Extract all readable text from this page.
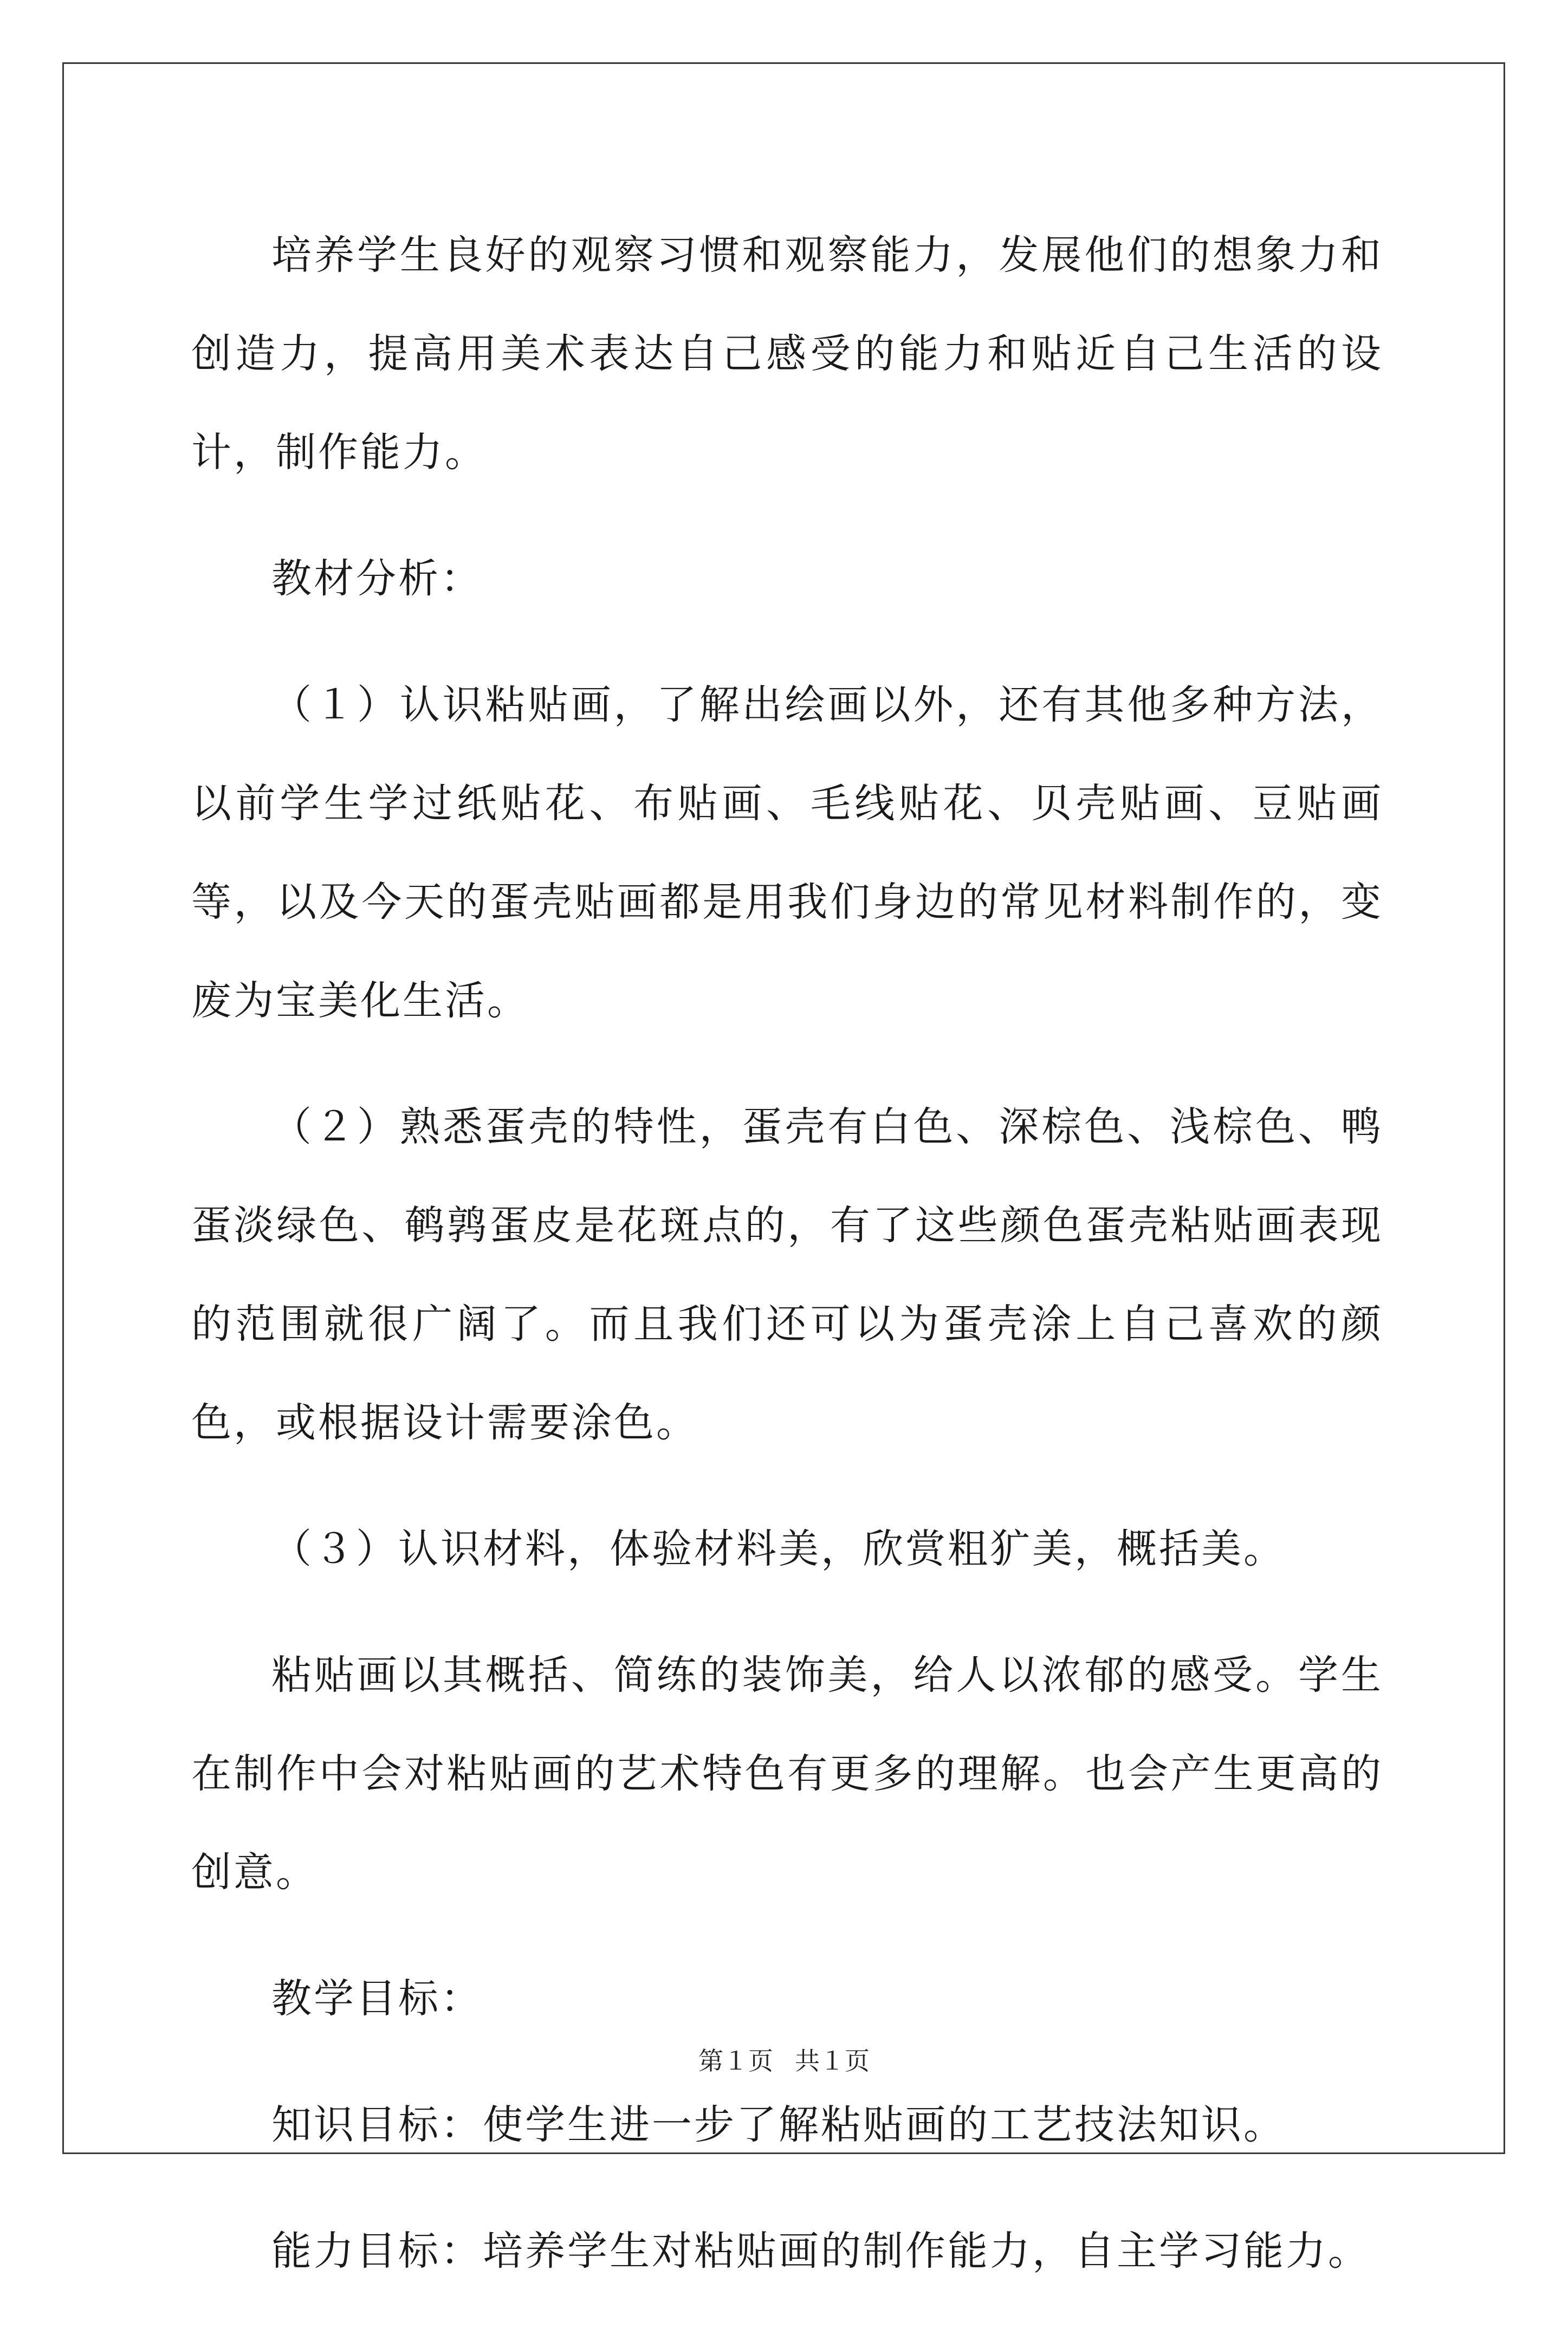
培养学生良好的观察习惯和观察能力，发展他们的想象力和创造力，提高用美术表达自己感受的能力和贴近自己生活的设计，制作能力。

教材分析：

（１）认识粘贴画，了解出绘画以外，还有其他多种方法，以前学生学过纸贴花、布贴画、毛线贴花、贝壳贴画、豆贴画等，以及今天的蛋壳贴画都是用我们身边的常见材料制作的，变废为宝美化生活。

（２）熟悉蛋壳的特性，蛋壳有白色、深棕色、浅棕色、鸭蛋淡绿色、鹌鹑蛋皮是花斑点的，有了这些颜色蛋壳粘贴画表现的范围就很广阔了。而且我们还可以为蛋壳涂上自己喜欢的颜色，或根据设计需要涂色。

（３）认识材料，体验材料美，欣赏粗犷美，概括美。

粘贴画以其概括、简练的装饰美，给人以浓郁的感受。学生在制作中会对粘贴画的艺术特色有更多的理解。也会产生更高的创意。

教学目标：

知识目标：使学生进一步了解粘贴画的工艺技法知识。

能力目标：培养学生对粘贴画的制作能力，自主学习能力。

第１页 共１页
